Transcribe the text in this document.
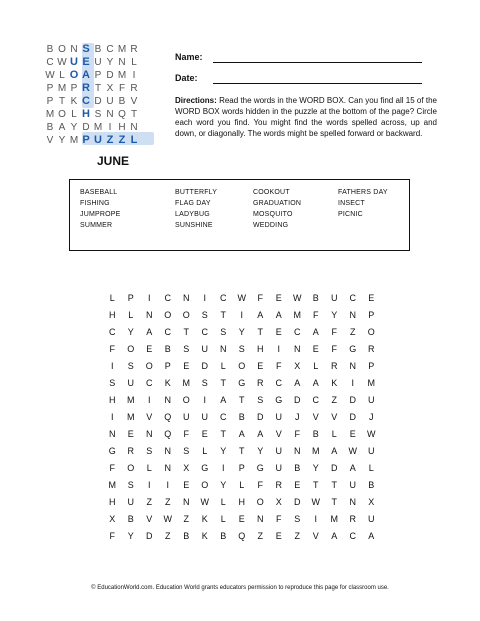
B O N S B C M R
C W U E U Y N L
W L O A P D M I
P M P R T X F R
P T K C D U B V
M O L H S N Q T
B A Y D M I H N
V Y M P U Z Z L
Name:
Date:
Directions: Read the words in the WORD BOX. Can you find all 15 of the WORD BOX words hidden in the puzzle at the bottom of the page? Circle each word you find. You might find the words spelled across, up and down, or diagonally. The words might be spelled forward or backward.
JUNE
BASEBALL
FISHING
JUMPROPE
SUMMER
BUTTERFLY
FLAG DAY
LADYBUG
SUNSHINE
COOKOUT
GRADUATION
MOSQUITO
WEDDING
FATHERS DAY
INSECT
PICNIC
L	P	I	C	N	I	C	W	F	E	W	B	U	C	E
H	L	N	O	O	S	T	I	A	A	M	F	Y	N	P
C	Y	A	C	T	C	S	Y	T	E	C	A	F	Z	O
F	O	E	B	S	U	N	S	H	I	N	E	F	G	R
I	S	O	P	E	D	L	O	E	F	X	L	R	N	P
S	U	C	K	M	S	T	G	R	C	A	A	K	I	M
H	M	I	N	O	I	A	T	S	G	D	C	Z	D	U
I	M	V	Q	U	U	C	B	D	U	J	V	V	D	J
N	E	N	Q	F	E	T	A	A	V	F	B	L	E	W
G	R	S	N	S	L	Y	T	Y	U	N	M	A	W	U
F	O	L	N	X	G	I	P	G	U	B	Y	D	A	L
M	S	I	I	E	O	Y	L	F	R	E	T	T	U	B
H	U	Z	Z	N	W	L	H	O	X	D	W	T	N	X
X	B	V	W	Z	K	L	E	N	F	S	I	M	R	U
F	Y	D	Z	B	K	B	Q	Z	E	Z	V	A	C	A
© EducationWorld.com. Education World grants educators permission to reproduce this page for classroom use.
